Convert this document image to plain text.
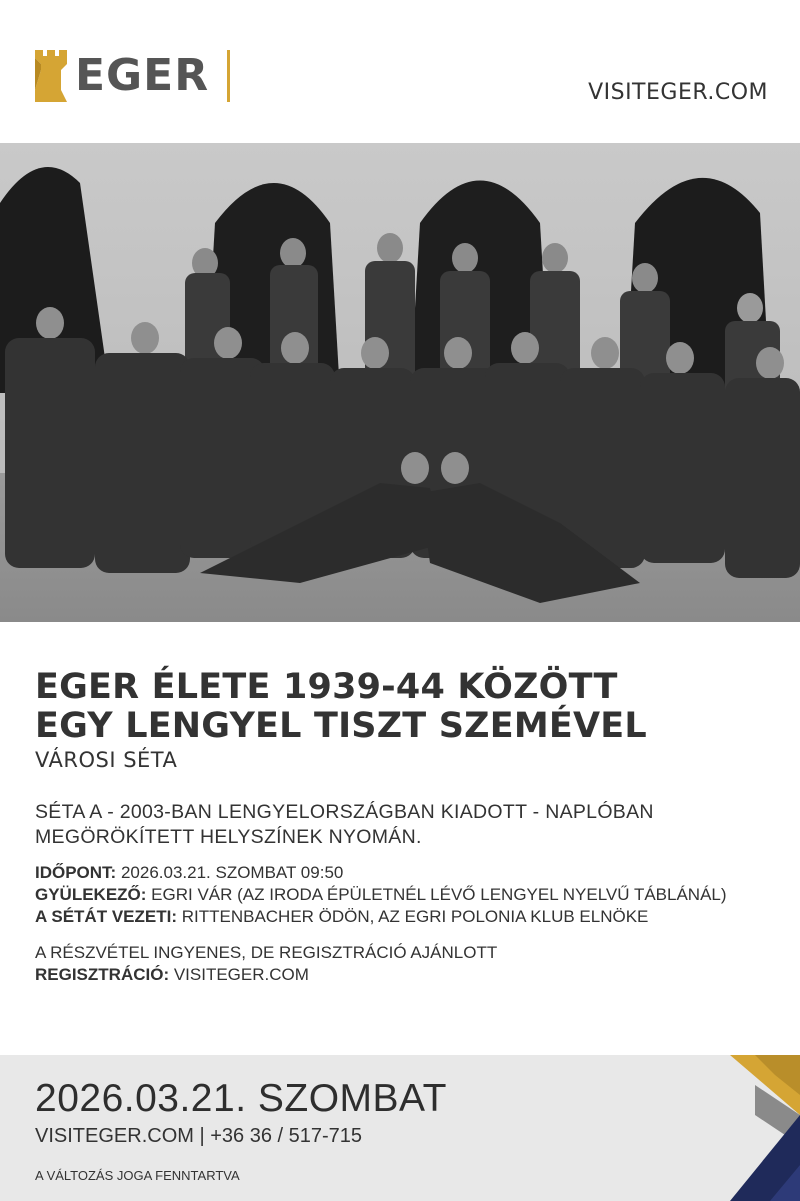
EGER	VISITEGER.COM
EGER ÉLETE 1939-44 KÖZÖTT
EGY LENGYEL TISZT SZEMÉVEL
VÁROSI SÉTA
SÉTA A - 2003-BAN LENGYELORSZÁGBAN KIADOTT - NAPLÓBAN
MEGÖRÖKÍTETT HELYSZÍNEK NYOMÁN.
IDŐPONT: 2026.03.21. SZOMBAT 09:50
GYÜLEKEZŐ: EGRI VÁR (AZ IRODA ÉPÜLETNÉL LÉVŐ LENGYEL NYELVŰ TÁBLÁNÁL)
A SÉTÁT VEZETI: RITTENBACHER ÖDÖN, AZ EGRI POLONIA KLUB ELNÖKE
A RÉSZVÉTEL INGYENES, DE REGISZTRÁCIÓ AJÁNLOTT
REGISZTRÁCIÓ: VISITEGER.COM
2026.03.21. SZOMBAT
VISITEGER.COM | +36 36 / 517-715
A VÁLTOZÁS JOGA FENNTARTVA
